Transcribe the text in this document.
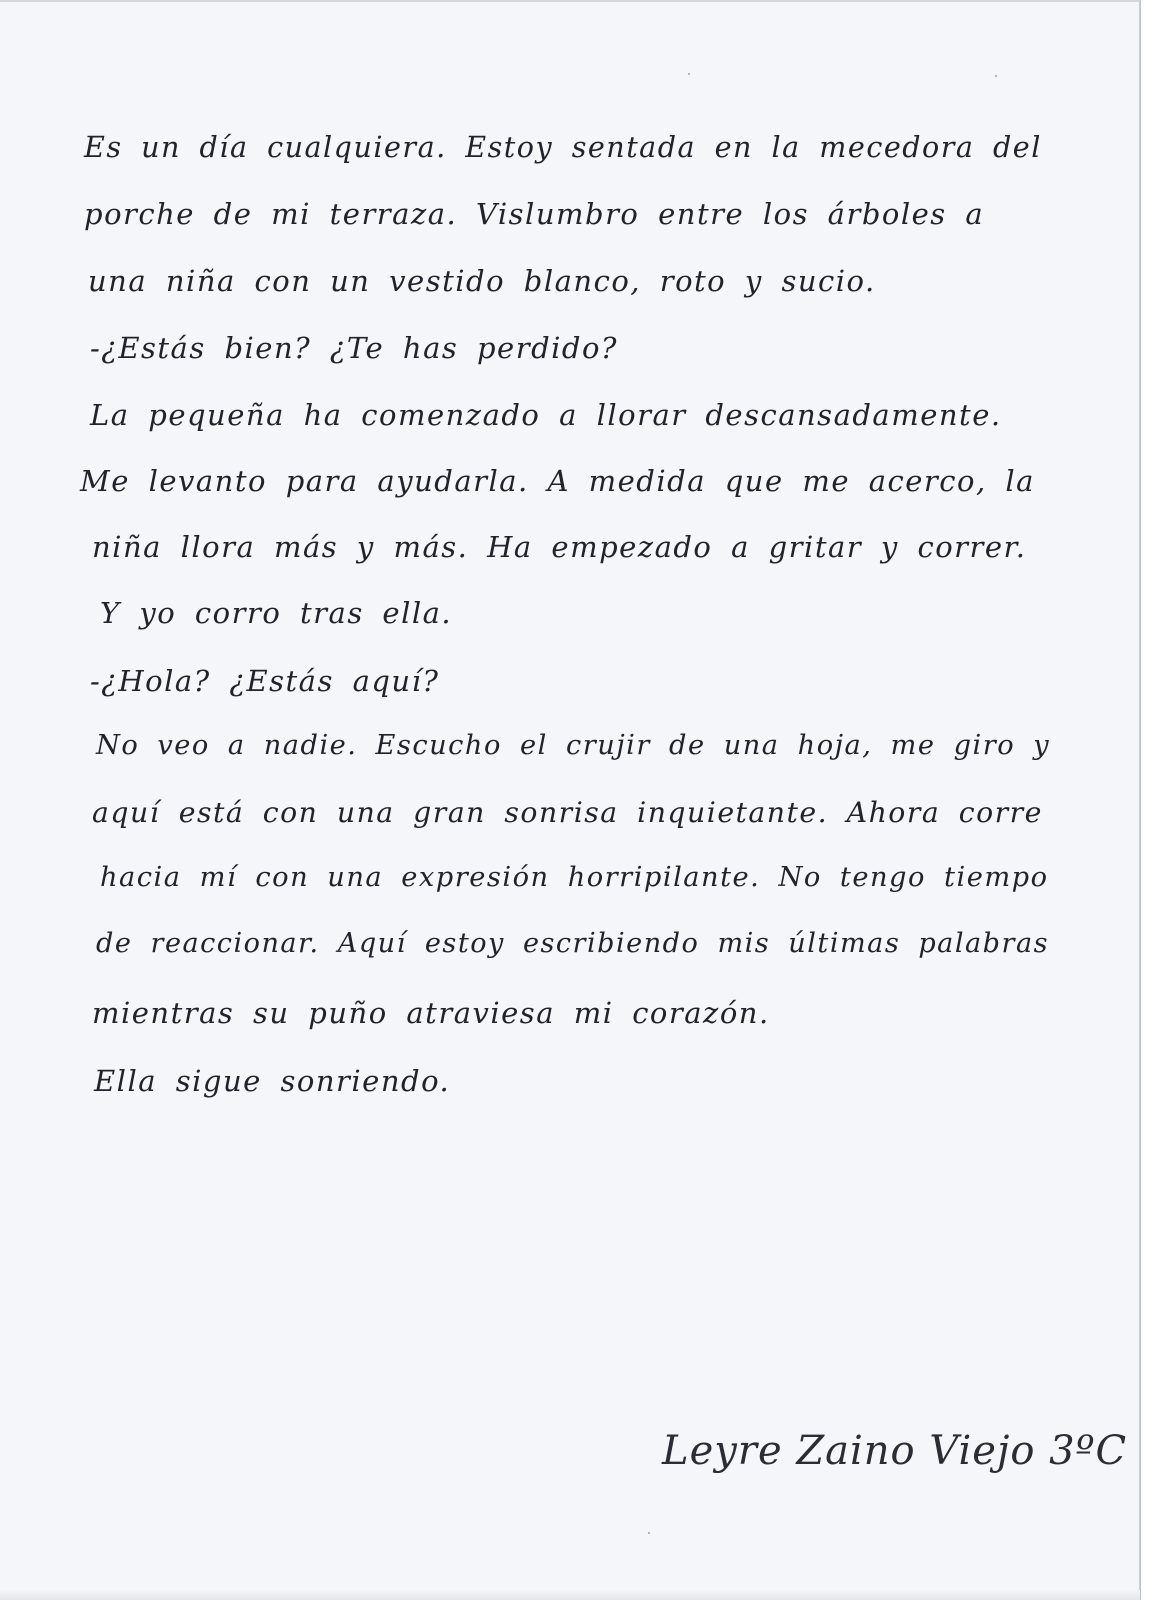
Es un día cualquiera. Estoy sentada en la mecedora del
porche de mi terraza. Vislumbro entre los árboles a
una niña con un vestido blanco, roto y sucio.
-¿Estás bien? ¿Te has perdido?
La pequeña ha comenzado a llorar descansadamente.
Me levanto para ayudarla. A medida que me acerco, la
niña llora más y más. Ha empezado a gritar y correr.
Y yo corro tras ella.
-¿Hola? ¿Estás aquí?
No veo a nadie. Escucho el crujir de una hoja, me giro y
aquí está con una gran sonrisa inquietante. Ahora corre
hacia mí con una expresión horripilante. No tengo tiempo
de reaccionar. Aquí estoy escribiendo mis últimas palabras
mientras su puño atraviesa mi corazón.
Ella sigue sonriendo.
Leyre Zaino Viejo 3ºC
